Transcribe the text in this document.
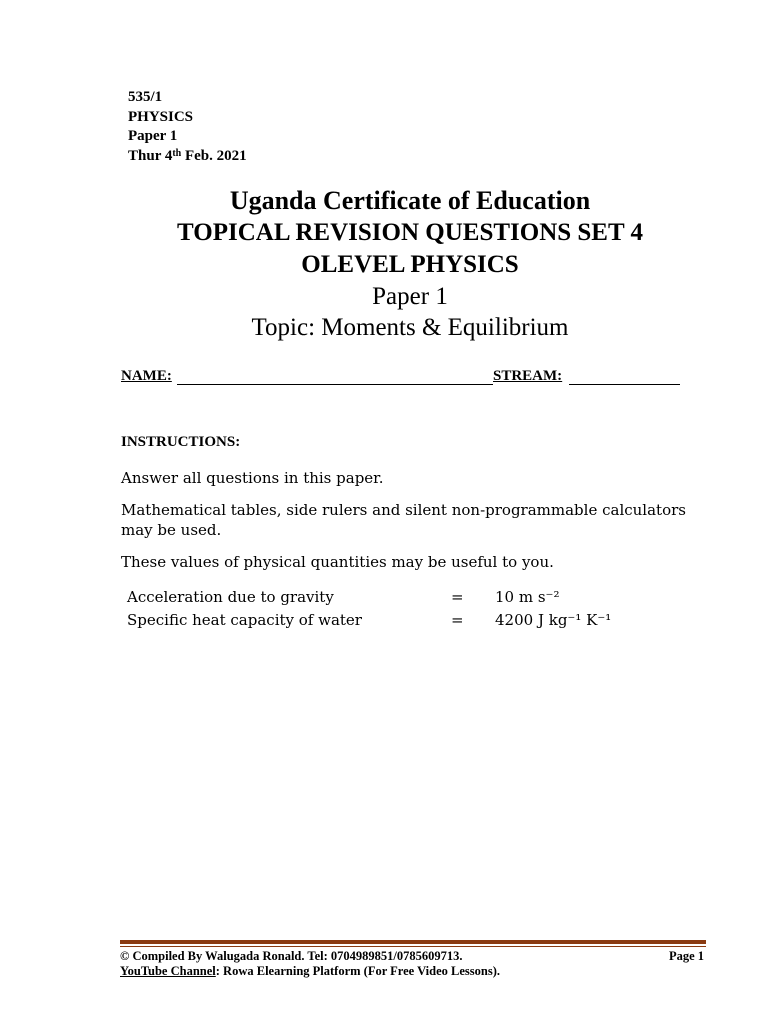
535/1
PHYSICS
Paper 1
Thur 4th Feb. 2021
Uganda Certificate of Education
TOPICAL REVISION QUESTIONS SET 4
OLEVEL PHYSICS
Paper 1
Topic: Moments & Equilibrium
NAME:	STREAM:
INSTRUCTIONS:
Answer all questions in this paper.
Mathematical tables, side rulers and silent non-programmable calculators may be used.
These values of physical quantities may be useful to you.
Acceleration due to gravity	= 10 m s⁻²
Specific heat capacity of water	= 4200 J kg⁻¹ K⁻¹
© Compiled By Walugada Ronald. Tel: 0704989851/0785609713.	Page 1
YouTube Channel: Rowa Elearning Platform (For Free Video Lessons).
